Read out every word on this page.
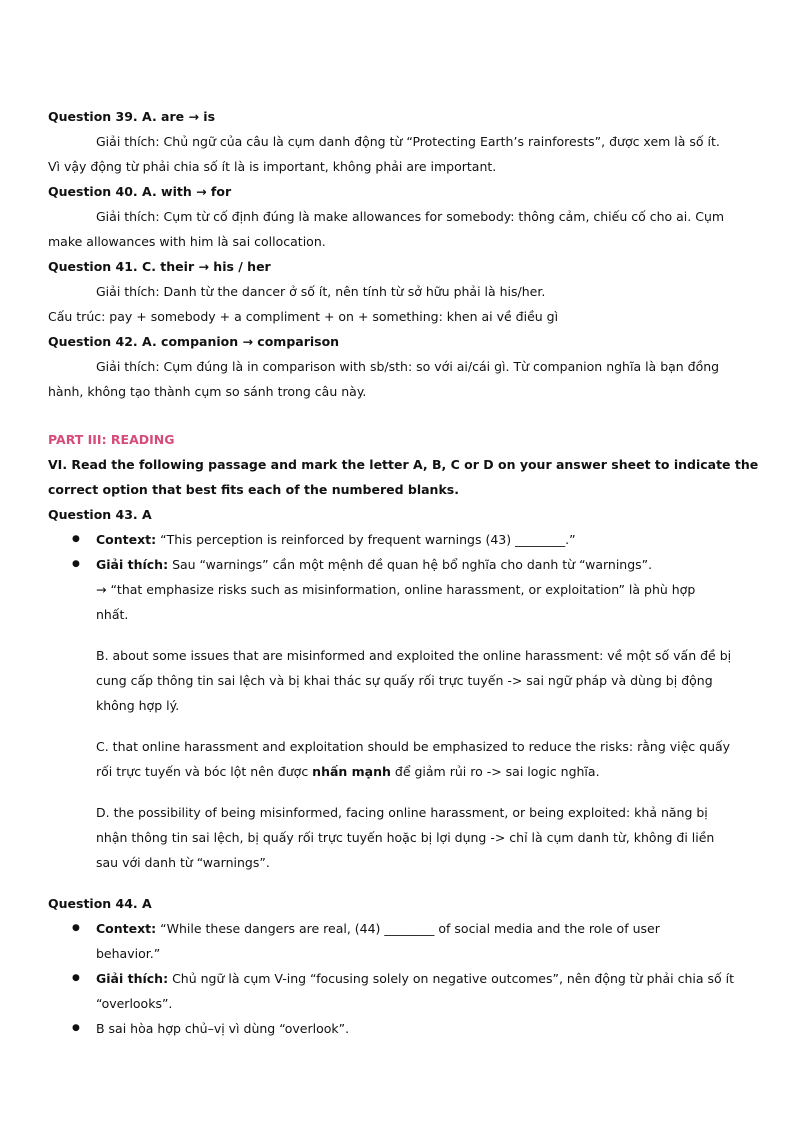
Question 39. A. are → is
Giải thích: Chủ ngữ của câu là cụm danh động từ “Protecting Earth’s rainforests”, được xem là số ít.
Vì vậy động từ phải chia số ít là is important, không phải are important.
Question 40. A. with → for
Giải thích: Cụm từ cố định đúng là make allowances for somebody: thông cảm, chiếu cố cho ai. Cụm
make allowances with him là sai collocation.
Question 41. C. their → his / her
Giải thích: Danh từ the dancer ở số ít, nên tính từ sở hữu phải là his/her.
Cấu trúc: pay + somebody + a compliment + on + something: khen ai về điều gì
Question 42. A. companion → comparison
Giải thích: Cụm đúng là in comparison with sb/sth: so với ai/cái gì. Từ companion nghĩa là bạn đồng
hành, không tạo thành cụm so sánh trong câu này.
PART III: READING
VI. Read the following passage and mark the letter A, B, C or D on your answer sheet to indicate the
correct option that best fits each of the numbered blanks.
Question 43. A
● Context: “This perception is reinforced by frequent warnings (43) ________.”
● Giải thích: Sau “warnings” cần một mệnh đề quan hệ bổ nghĩa cho danh từ “warnings”.
→ “that emphasize risks such as misinformation, online harassment, or exploitation” là phù hợp
nhất.
B. about some issues that are misinformed and exploited the online harassment: về một số vấn đề bị
cung cấp thông tin sai lệch và bị khai thác sự quấy rối trực tuyến -> sai ngữ pháp và dùng bị động
không hợp lý.
C. that online harassment and exploitation should be emphasized to reduce the risks: rằng việc quấy
rối trực tuyến và bóc lột nên được nhấn mạnh để giảm rủi ro -> sai logic nghĩa.
D. the possibility of being misinformed, facing online harassment, or being exploited: khả năng bị
nhận thông tin sai lệch, bị quấy rối trực tuyến hoặc bị lợi dụng -> chỉ là cụm danh từ, không đi liền
sau với danh từ “warnings”.
Question 44. A
● Context: “While these dangers are real, (44) ________ of social media and the role of user
behavior.”
● Giải thích: Chủ ngữ là cụm V-ing “focusing solely on negative outcomes”, nên động từ phải chia số ít
“overlooks”.
● B sai hòa hợp chủ–vị vì dùng “overlook”.
